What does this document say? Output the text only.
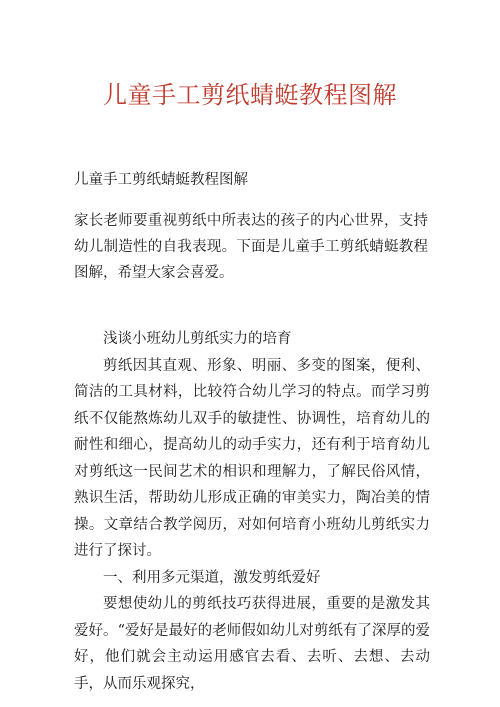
儿童手工剪纸蜻蜓教程图解
儿童手工剪纸蜻蜓教程图解
家长老师要重视剪纸中所表达的孩子的内心世界，支持幼儿制造性的自我表现。下面是儿童手工剪纸蜻蜓教程图解，希望大家会喜爱。

浅谈小班幼儿剪纸实力的培育

剪纸因其直观、形象、明丽、多变的图案，便利、简洁的工具材料，比较符合幼儿学习的特点。而学习剪纸不仅能熬炼幼儿双手的敏捷性、协调性，培育幼儿的耐性和细心，提高幼儿的动手实力，还有利于培育幼儿对剪纸这一民间艺术的相识和理解力，了解民俗风情，熟识生活，帮助幼儿形成正确的审美实力，陶冶美的情操。文章结合教学阅历，对如何培育小班幼儿剪纸实力进行了探讨。

一、利用多元渠道，激发剪纸爱好

要想使幼儿的剪纸技巧获得进展，重要的是激发其爱好。“爱好是最好的老师假如幼儿对剪纸有了深厚的爱好，他们就会主动运用感官去看、去听、去想、去动手，从而乐观探究，
